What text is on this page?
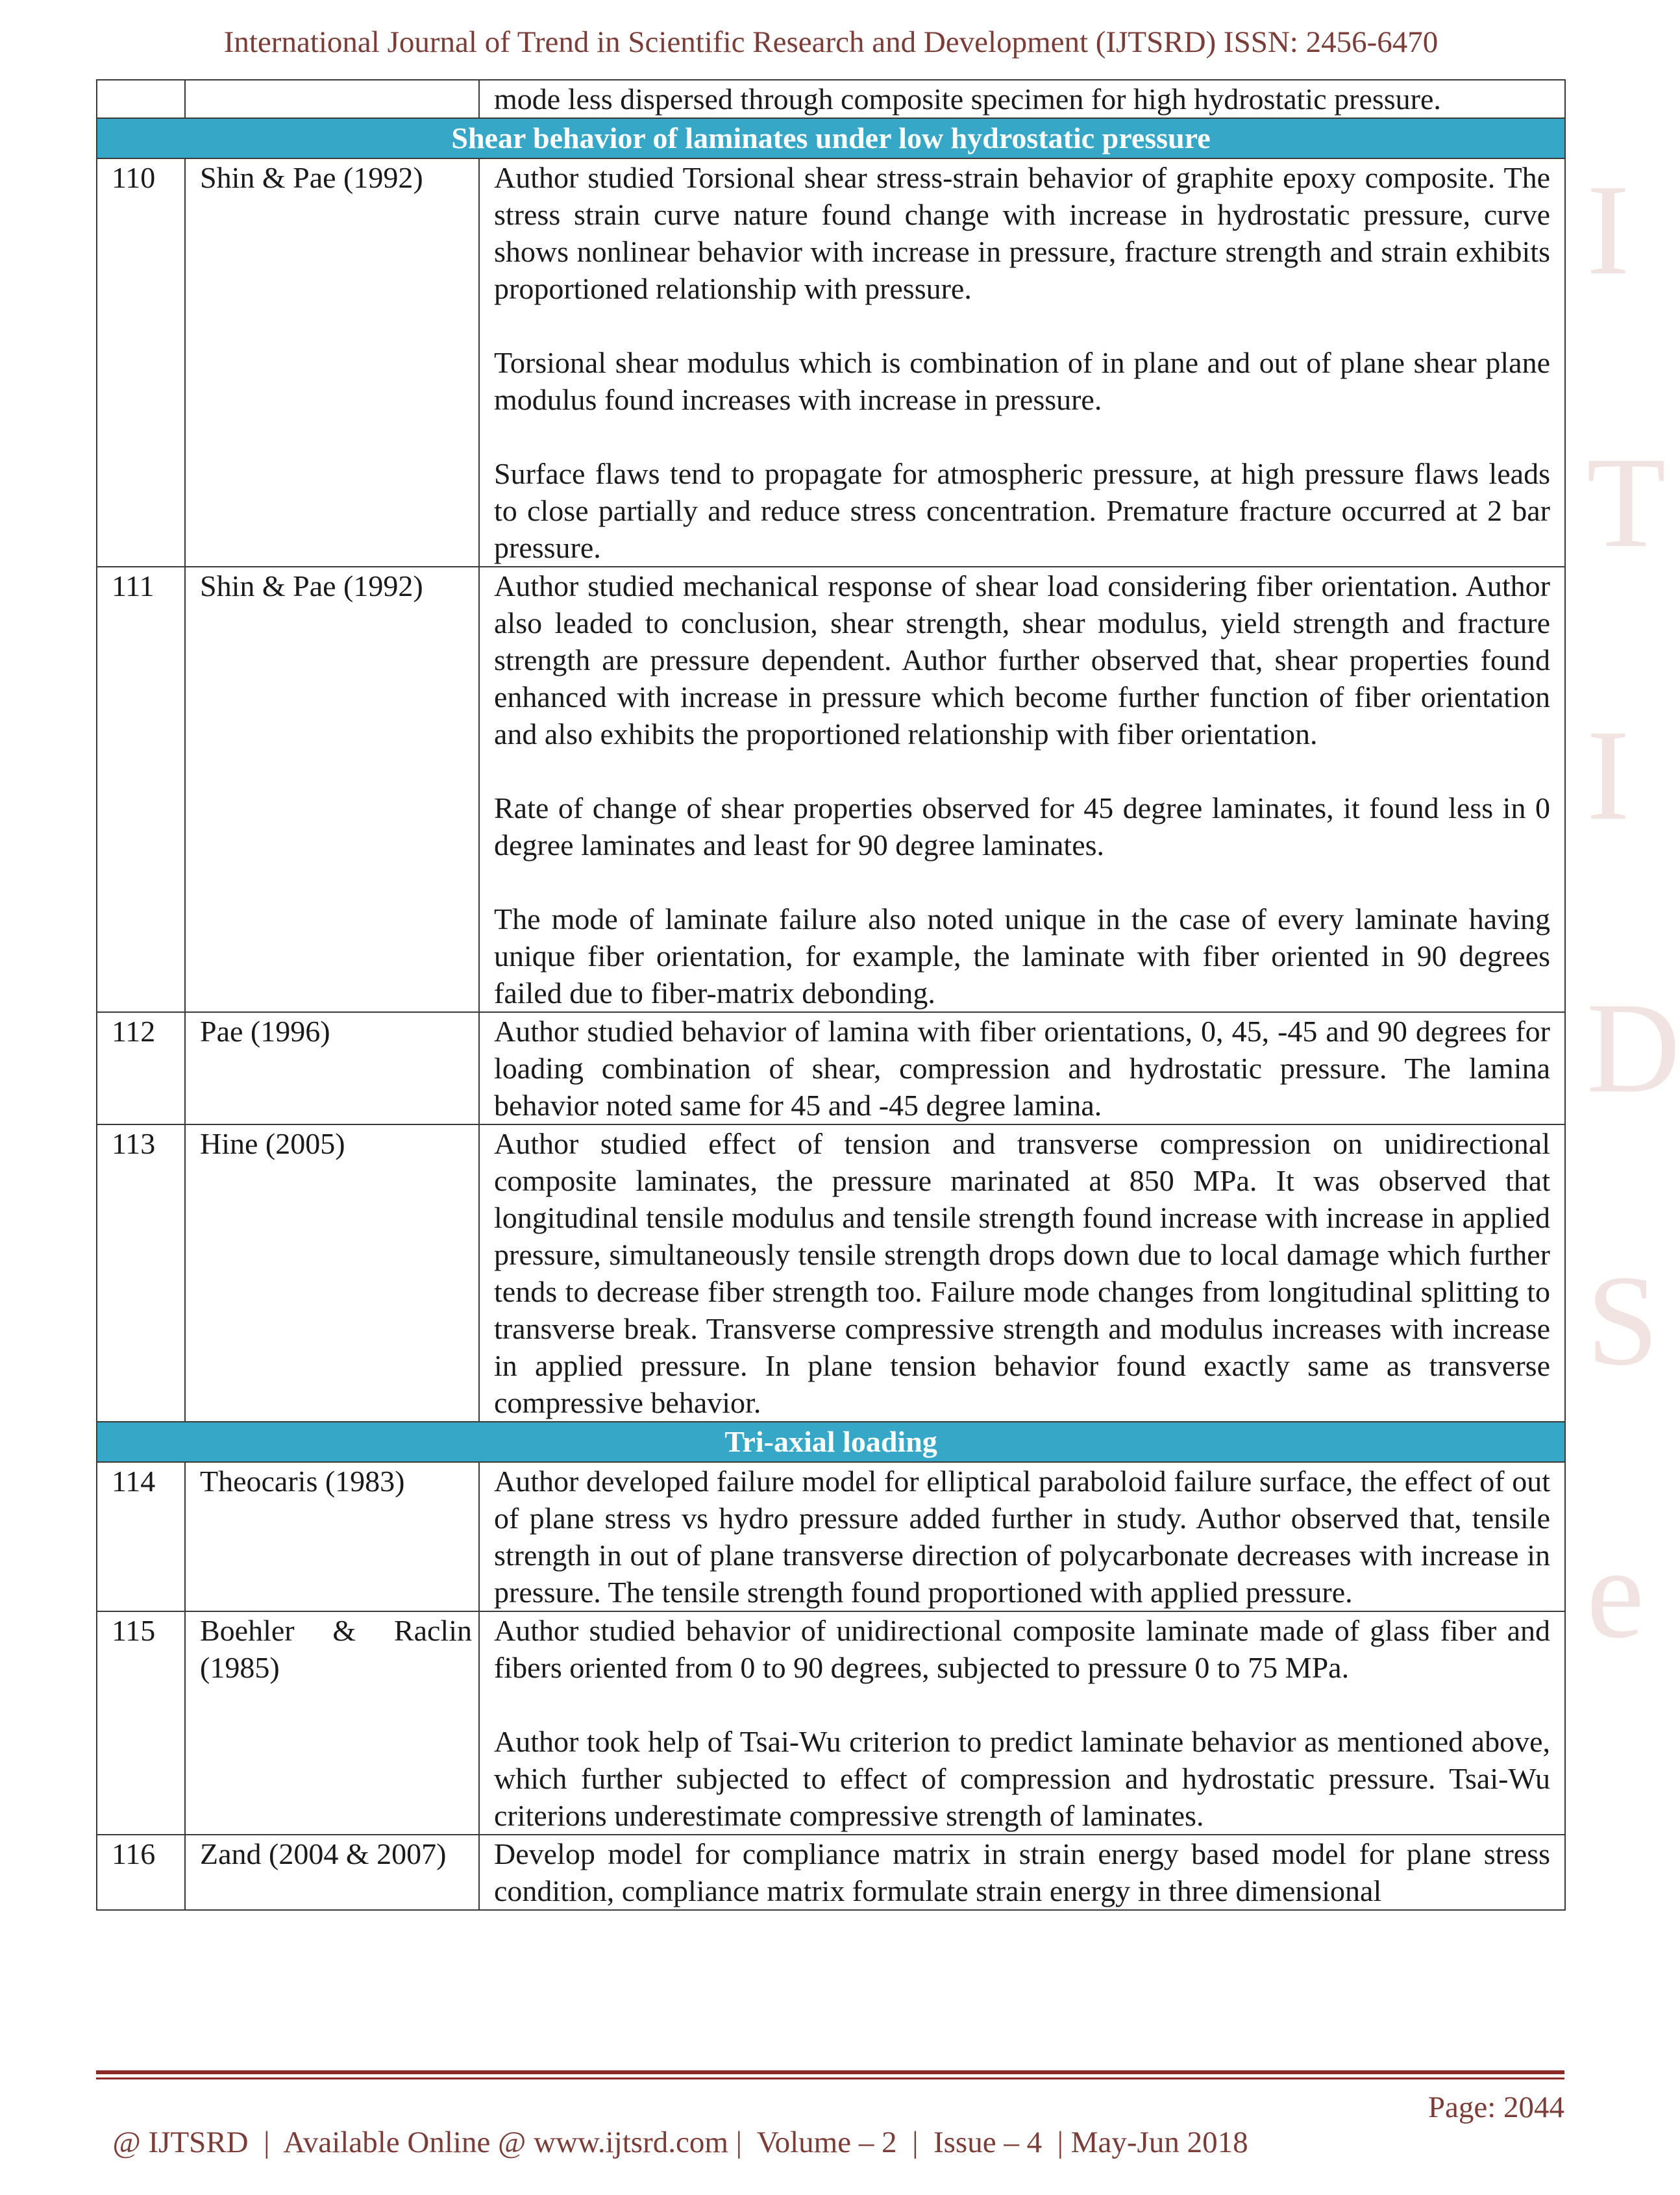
I
T
I
D
S
e
International Journal of Trend in Scientific Research and Development (IJTSRD) ISSN: 2456-6470

		mode less dispersed through composite specimen for high hydrostatic pressure.

Shear behavior of laminates under low hydrostatic pressure		
110	Shin & Pae (1992)	Author studied Torsional shear stress-strain behavior of graphite epoxy composite. The stress strain curve nature found change with increase in hydrostatic pressure, curve shows nonlinear behavior with increase in pressure, fracture strength and strain exhibits proportioned relationship with pressure.
Torsional shear modulus which is combination of in plane and out of plane shear plane modulus found increases with increase in pressure.
Surface flaws tend to propagate for atmospheric pressure, at high pressure flaws leads to close partially and reduce stress concentration. Premature fracture occurred at 2 bar pressure.

111	Shin & Pae (1992)	Author studied mechanical response of shear load considering fiber orientation. Author also leaded to conclusion, shear strength, shear modulus, yield strength and fracture strength are pressure dependent. Author further observed that, shear properties found enhanced with increase in pressure which become further function of fiber orientation and also exhibits the proportioned relationship with fiber orientation.
Rate of change of shear properties observed for 45 degree laminates, it found less in 0 degree laminates and least for 90 degree laminates.
The mode of laminate failure also noted unique in the case of every laminate having unique fiber orientation, for example, the laminate with fiber oriented in 90 degrees failed due to fiber-matrix debonding.

112	Pae (1996)	Author studied behavior of lamina with fiber orientations, 0, 45, -45 and 90 degrees for loading combination of shear, compression and hydrostatic pressure. The lamina behavior noted same for 45 and -45 degree lamina.

113	Hine (2005)	Author studied effect of tension and transverse compression on unidirectional composite laminates, the pressure marinated at 850 MPa. It was observed that longitudinal tensile modulus and tensile strength found increase with increase in applied pressure, simultaneously tensile strength drops down due to local damage which further tends to decrease fiber strength too. Failure mode changes from longitudinal splitting to transverse break. Transverse compressive strength and modulus increases with increase in applied pressure. In plane tension behavior found exactly same as transverse compressive behavior.

Tri-axial loading		
114	Theocaris (1983)	Author developed failure model for elliptical paraboloid failure surface, the effect of out of plane stress vs hydro pressure added further in study. Author observed that, tensile strength in out of plane transverse direction of polycarbonate decreases with increase in pressure. The tensile strength found proportioned with applied pressure.

115	Boehler & Raclin (1985)	Author studied behavior of unidirectional composite laminate made of glass fiber and fibers oriented from 0 to 90 degrees, subjected to pressure 0 to 75 MPa.
Author took help of Tsai-Wu criterion to predict laminate behavior as mentioned above, which further subjected to effect of compression and hydrostatic pressure. Tsai-Wu criterions underestimate compressive strength of laminates.

116	Zand (2004 & 2007)	Develop model for compliance matrix in strain energy based model for plane stress condition, compliance matrix formulate strain energy in three dimensional

@ IJTSRD  |  Available Online @ www.ijtsrd.com |  Volume – 2  |  Issue – 4  | May-Jun 2018

Page: 2044
